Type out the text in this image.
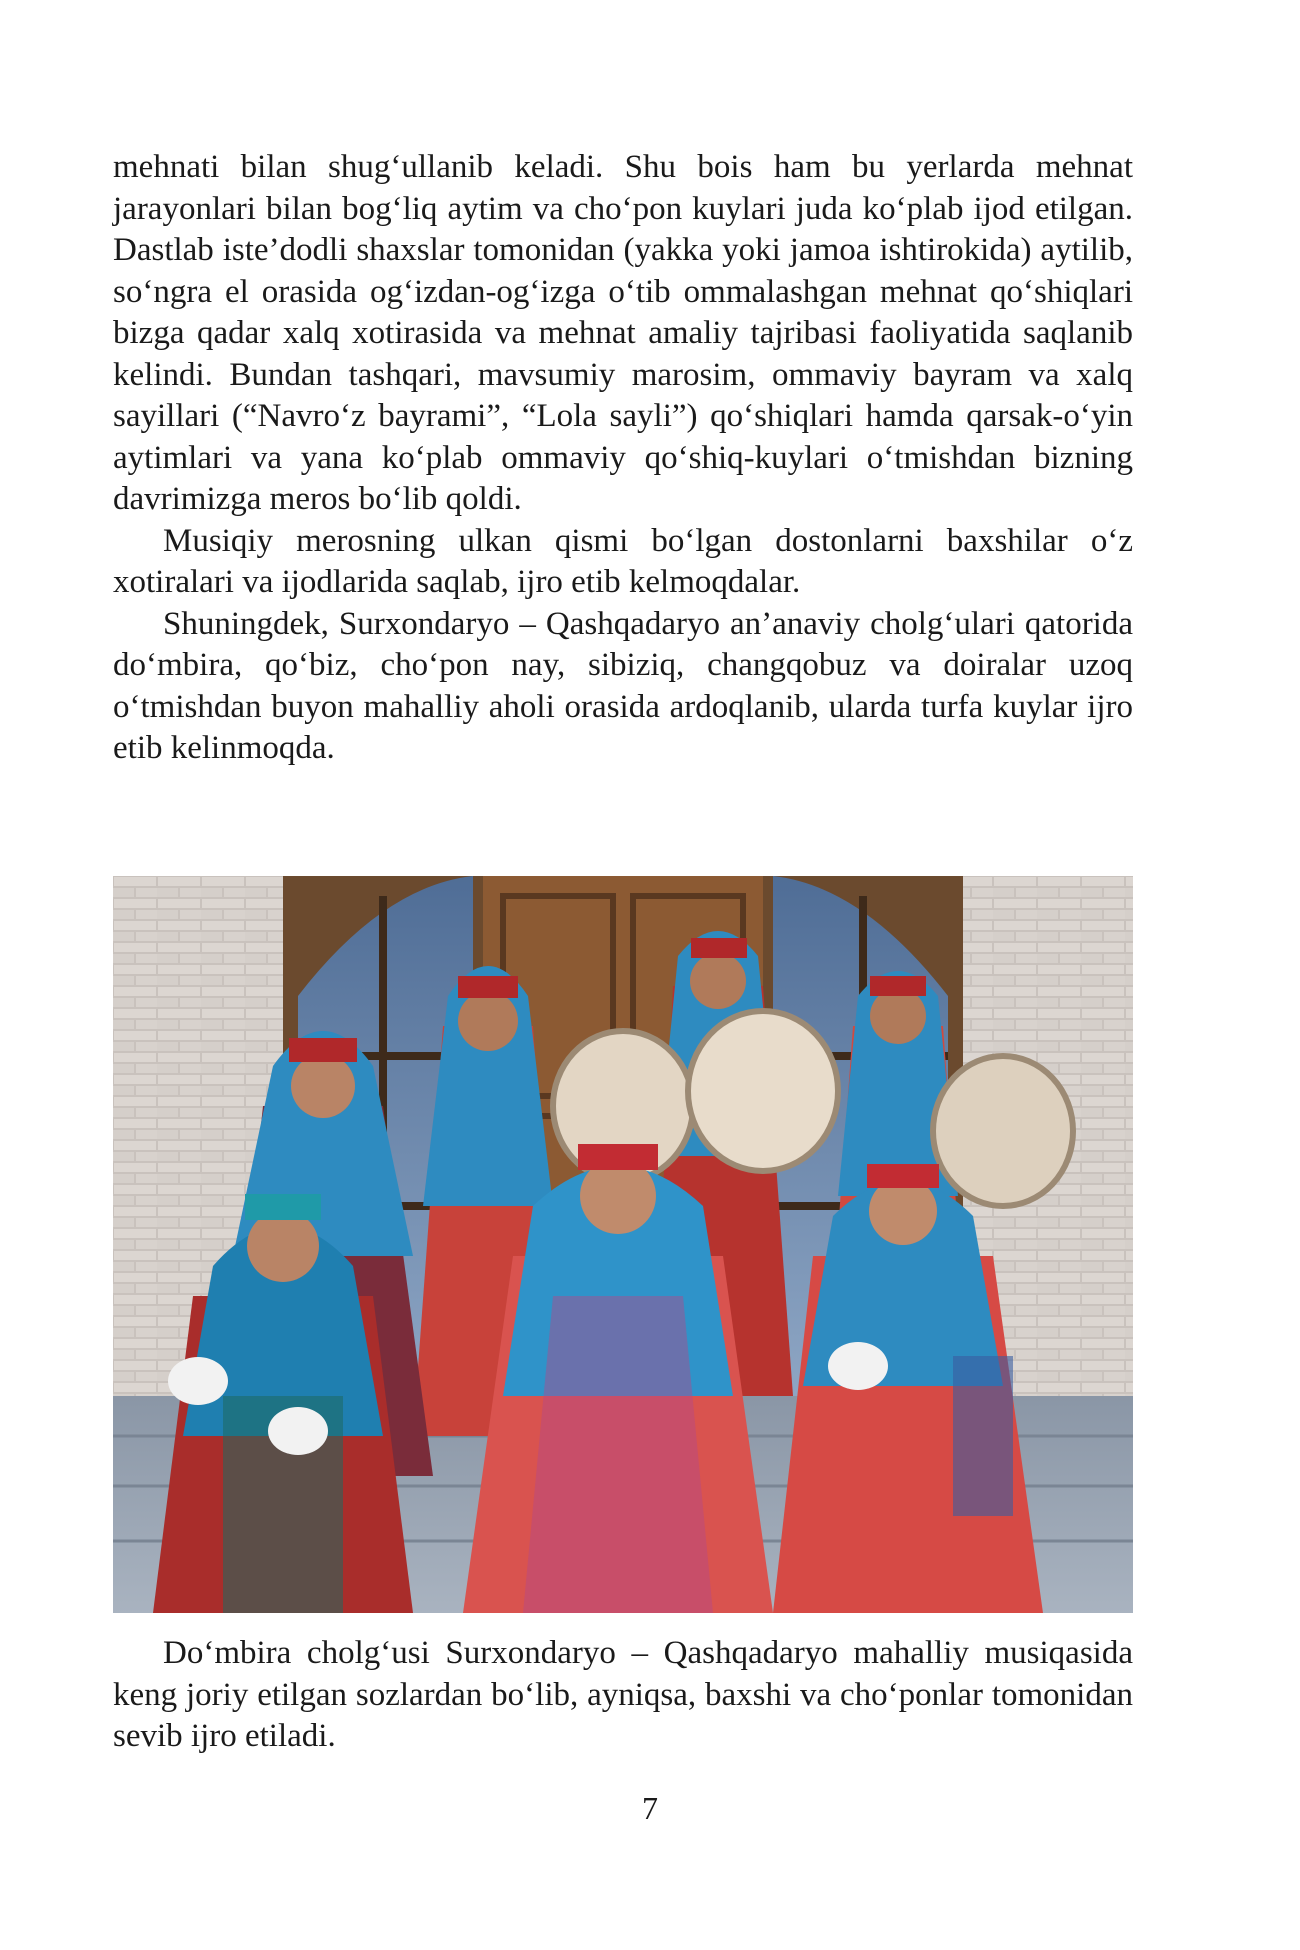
mehnati bilan shug‘ullanib keladi. Shu bois ham bu yerlarda mehnat jarayonlari bilan bog‘liq aytim va cho‘pon kuylari juda ko‘plab ijod etilgan. Dastlab iste’dodli shaxslar tomonidan (yakka yoki jamoa ishtirokida) aytilib, so‘ngra el orasida og‘izdan-og‘izga o‘tib ommalashgan mehnat qo‘shiqlari bizga qadar xalq xotirasida va mehnat amaliy tajribasi faoliyatida saqlanib kelindi. Bundan tashqari, mavsumiy marosim, ommaviy bayram va xalq sayillari (“Navro‘z bayrami”, “Lola sayli”) qo‘shiqlari hamda qarsak-o‘yin aytimlari va yana ko‘plab ommaviy qo‘shiq-kuylari o‘tmishdan bizning davrimizga meros bo‘lib qoldi.

Musiqiy merosning ulkan qismi bo‘lgan dostonlarni baxshilar o‘z xotiralari va ijodlarida saqlab, ijro etib kelmoqdalar.

Shuningdek, Surxondaryo – Qashqadaryo an’anaviy cholg‘ulari qatorida do‘mbira, qo‘biz, cho‘pon nay, sibiziq, changqobuz va doiralar uzoq o‘tmishdan buyon mahalliy aholi orasida ardoqlanib, ularda turfa kuylar ijro etib kelinmoqda.

Do‘mbira cholg‘usi Surxondaryo – Qashqadaryo mahalliy musiqasida keng joriy etilgan sozlardan bo‘lib, ayniqsa, baxshi va cho‘ponlar tomonidan sevib ijro etiladi.

7
